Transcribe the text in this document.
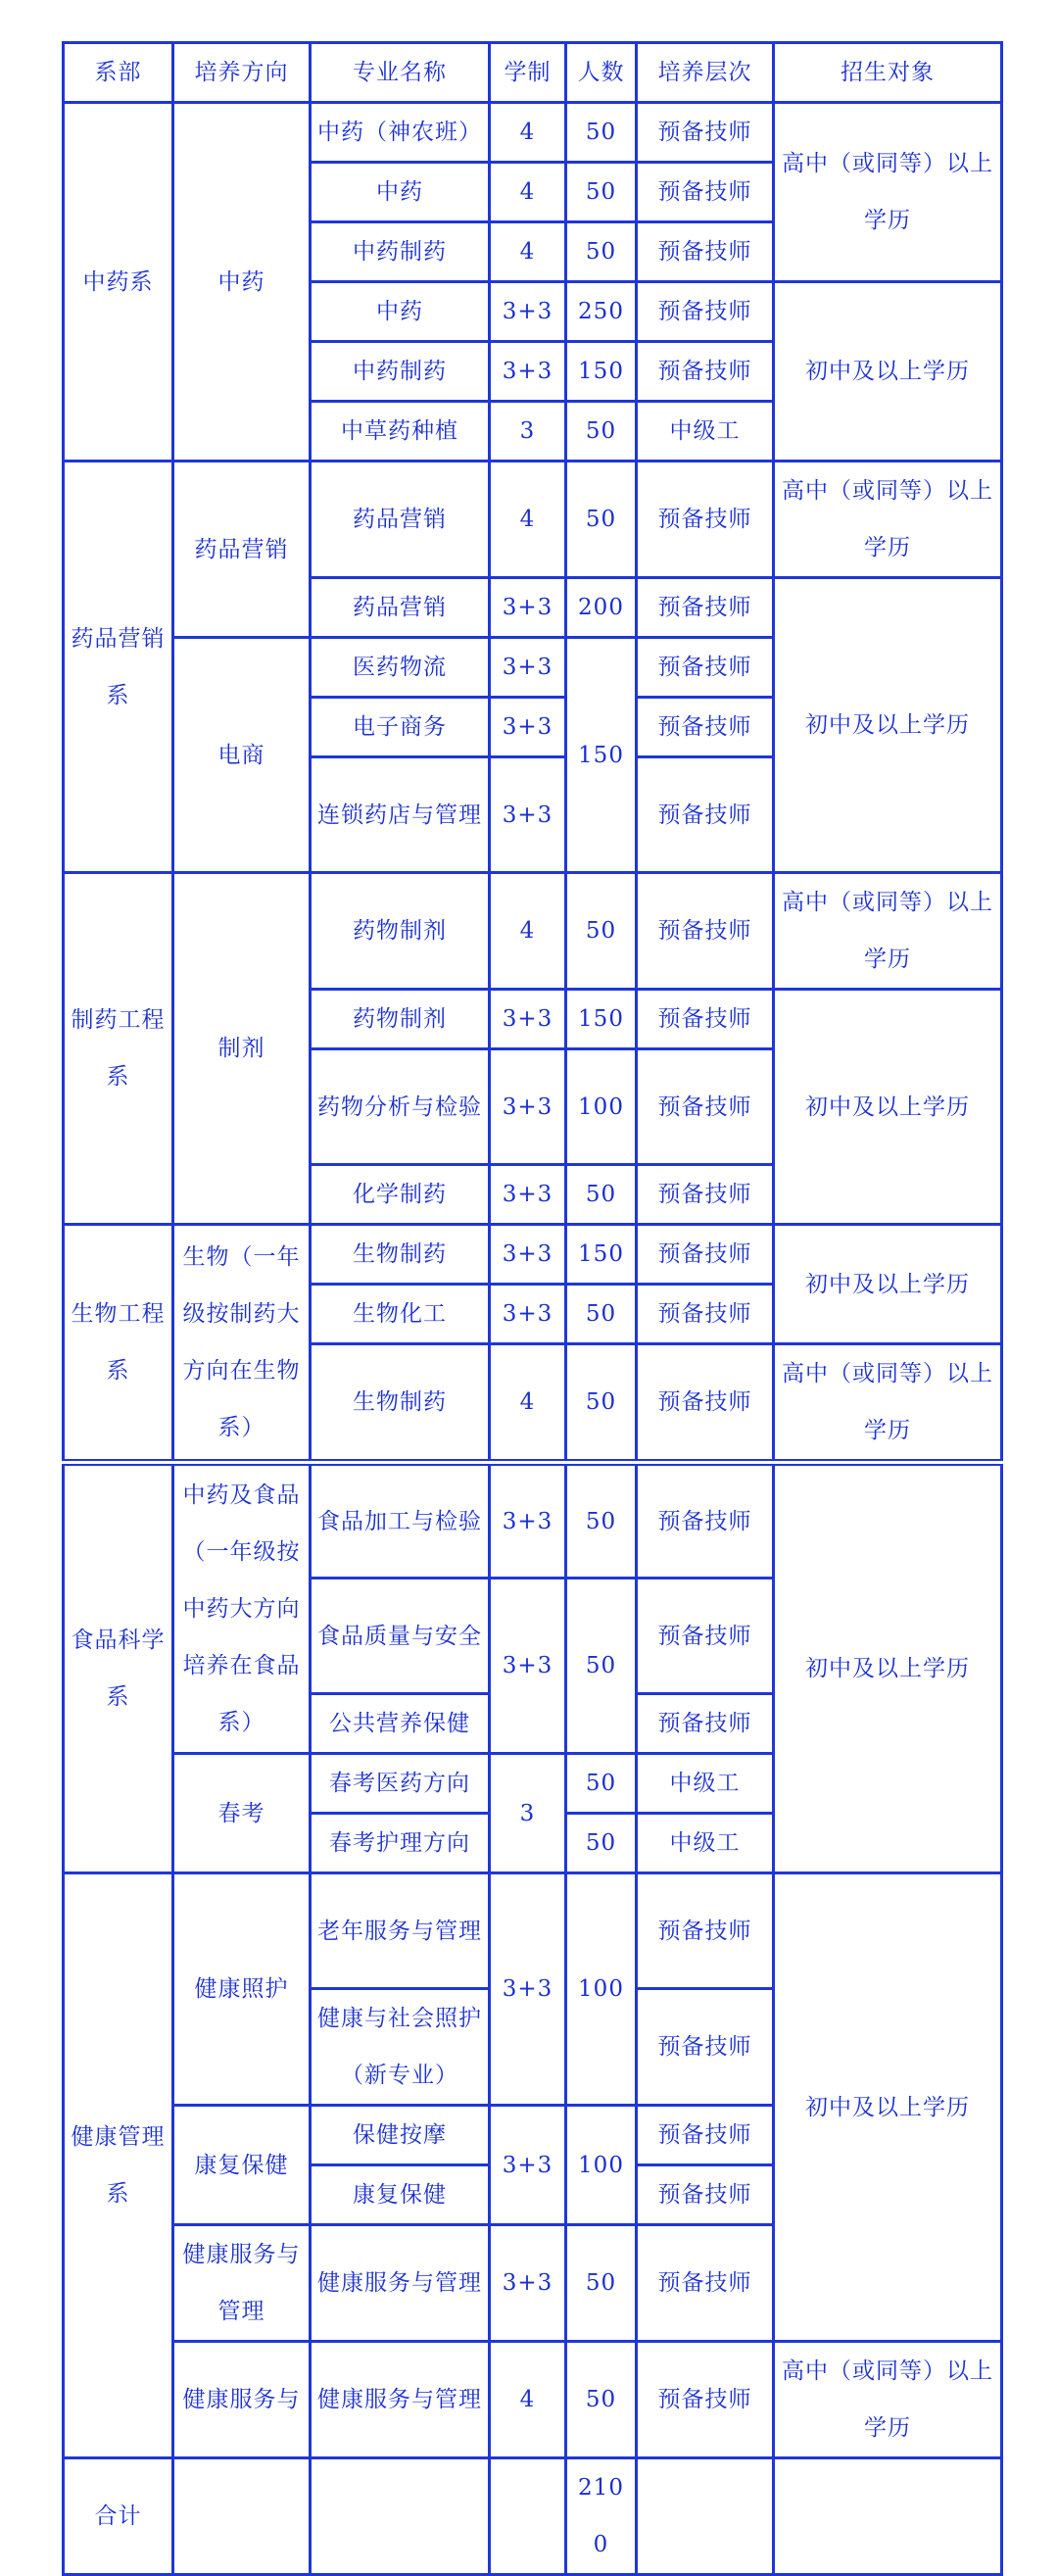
系部	培养方向	专业名称	学制	人数	培养层次	招生对象
中药系	中药	中药（神农班）	4	50	预备技师	高中（或同等）以上学历
		中药	4	50	预备技师	
		中药制药	4	50	预备技师	
		中药	3+3	250	预备技师	初中及以上学历
		中药制药	3+3	150	预备技师	
		中草药种植	3	50	中级工	
药品营销系	药品营销	药品营销	4	50	预备技师	高中（或同等）以上学历
		药品营销	3+3	200	预备技师	初中及以上学历
	电商	医药物流	3+3	150	预备技师	
		电子商务	3+3		预备技师	
		连锁药店与管理	3+3		预备技师	
制药工程系	制剂	药物制剂	4	50	预备技师	高中（或同等）以上学历
		药物制剂	3+3	150	预备技师	初中及以上学历
		药物分析与检验	3+3	100	预备技师	
		化学制药	3+3	50	预备技师	
生物工程系	生物（一年级按制药大方向在生物系）	生物制药	3+3	150	预备技师	初中及以上学历
		生物化工	3+3	50	预备技师	
		生物制药	4	50	预备技师	高中（或同等）以上学历
食品科学系	中药及食品（一年级按中药大方向培养在食品系）	食品加工与检验	3+3	50	预备技师	初中及以上学历
		食品质量与安全	3+3	50	预备技师	
		公共营养保健			预备技师	
	春考	春考医药方向	3	50	中级工	
		春考护理方向		50	中级工	
健康管理系	健康照护	老年服务与管理	3+3	100	预备技师	初中及以上学历
		健康与社会照护（新专业）			预备技师	
	康复保健	保健按摩	3+3	100	预备技师	
		康复保健			预备技师	
	健康服务与管理	健康服务与管理	3+3	50	预备技师	
	健康服务与	健康服务与管理	4	50	预备技师	高中（或同等）以上学历
合计				2100		
